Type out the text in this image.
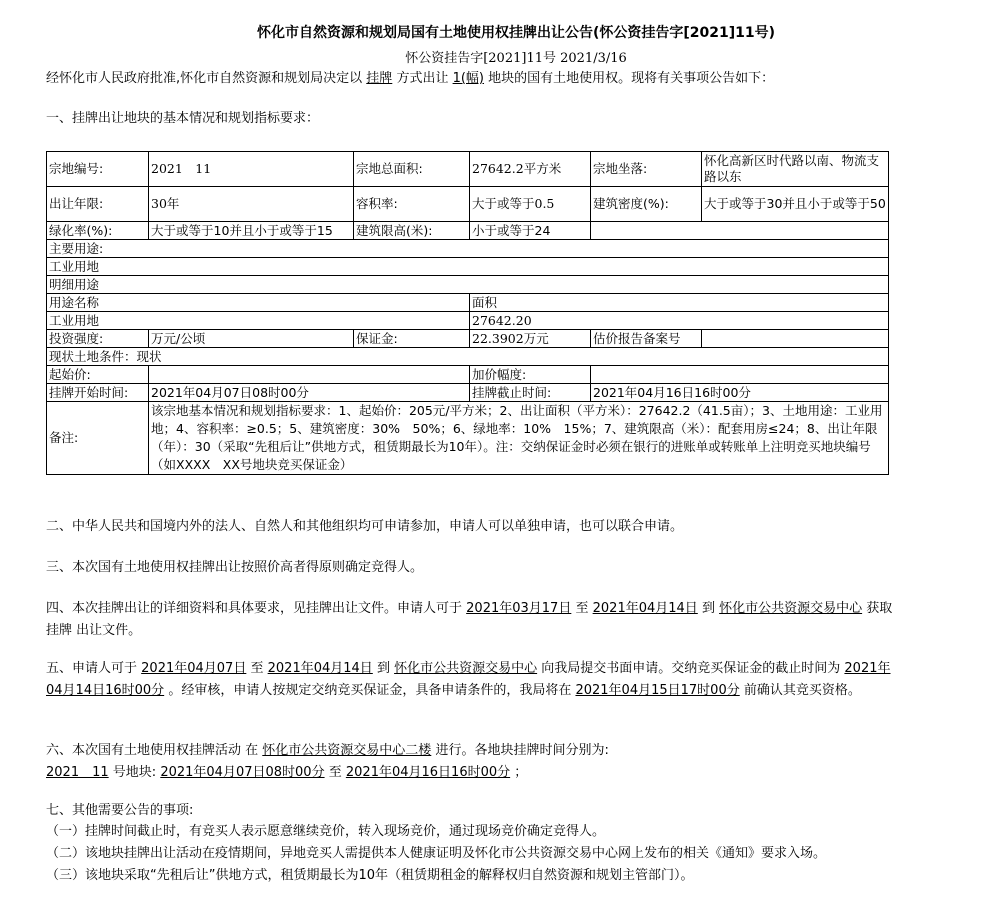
怀化市自然资源和规划局国有土地使用权挂牌出让公告(怀公资挂告字[2021]11号)
怀公资挂告字[2021]11号 2021/3/16
经怀化市人民政府批准,怀化市自然资源和规划局决定以 挂牌 方式出让 1(幅) 地块的国有土地使用权。现将有关事项公告如下：
一、挂牌出让地块的基本情况和规划指标要求：
宗地编号:	2021　11	宗地总面积:	27642.2平方米	宗地坐落:	怀化高新区时代路以南、物流支路以东
出让年限:	30年	容积率:	大于或等于0.5	建筑密度(%):	大于或等于30并且小于或等于50
绿化率(%):	大于或等于10并且小于或等于15	建筑限高(米):	小于或等于24		
主要用途:					
工业用地					
明细用途					
用途名称			面积		
工业用地			27642.20		
投资强度:	万元/公顷	保证金:	22.3902万元	估价报告备案号	
现状土地条件：现状					
起始价:			加价幅度:		
挂牌开始时间:	2021年04月07日08时00分		挂牌截止时间:	2021年04月16日16时00分	
备注:	该宗地基本情况和规划指标要求：1、起始价：205元/平方米；2、出让面积（平方米）：27642.2（41.5亩）；3、土地用途：工业用地；4、容积率：≥0.5；5、建筑密度：30%　50%；6、绿地率：10%　15%；7、建筑限高（米）：配套用房≤24；8、出让年限（年）：30（采取“先租后让”供地方式，租赁期最长为10年）。注：交纳保证金时必须在银行的进账单或转账单上注明竞买地块编号（如XXXX　XX号地块竞买保证金）				
二、中华人民共和国境内外的法人、自然人和其他组织均可申请参加，申请人可以单独申请，也可以联合申请。
三、本次国有土地使用权挂牌出让按照价高者得原则确定竞得人。
四、本次挂牌出让的详细资料和具体要求，见挂牌出让文件。申请人可于 2021年03月17日 至 2021年04月14日 到 怀化市公共资源交易中心 获取 挂牌 出让文件。
五、申请人可于 2021年04月07日 至 2021年04月14日 到 怀化市公共资源交易中心 向我局提交书面申请。交纳竞买保证金的截止时间为 2021年04月14日16时00分 。经审核，申请人按规定交纳竞买保证金，具备申请条件的，我局将在 2021年04月15日17时00分 前确认其竞买资格。
六、本次国有土地使用权挂牌活动 在 怀化市公共资源交易中心二楼 进行。各地块挂牌时间分别为:
2021　11 号地块: 2021年04月07日08时00分 至 2021年04月16日16时00分 ；
七、其他需要公告的事项:
（一）挂牌时间截止时，有竞买人表示愿意继续竞价，转入现场竞价，通过现场竞价确定竞得人。
（二）该地块挂牌出让活动在疫情期间，异地竞买人需提供本人健康证明及怀化市公共资源交易中心网上发布的相关《通知》要求入场。
（三）该地块采取“先租后让”供地方式，租赁期最长为10年（租赁期租金的解释权归自然资源和规划主管部门）。
